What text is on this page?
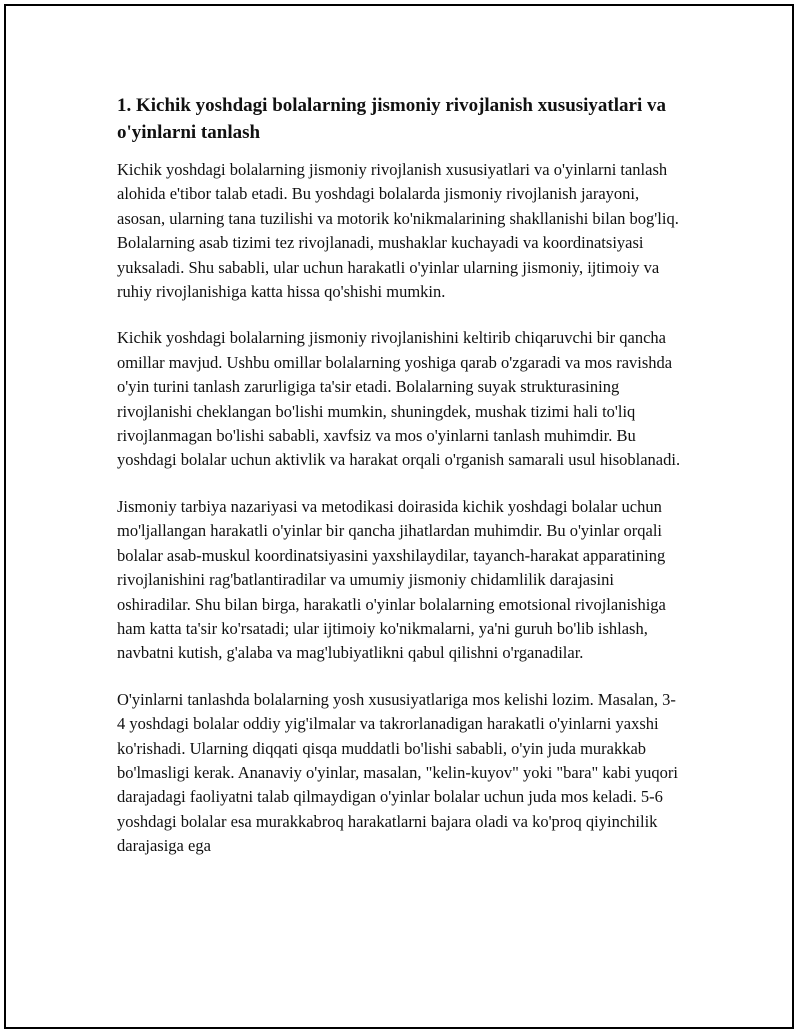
1. Kichik yoshdagi bolalarning jismoniy rivojlanish xususiyatlari va o'yinlarni tanlash

Kichik yoshdagi bolalarning jismoniy rivojlanish xususiyatlari va o'yinlarni tanlash alohida e'tibor talab etadi. Bu yoshdagi bolalarda jismoniy rivojlanish jarayoni, asosan, ularning tana tuzilishi va motorik ko'nikmalarining shakllanishi bilan bog'liq. Bolalarning asab tizimi tez rivojlanadi, mushaklar kuchayadi va koordinatsiyasi yuksaladi. Shu sababli, ular uchun harakatli o'yinlar ularning jismoniy, ijtimoiy va ruhiy rivojlanishiga katta hissa qo'shishi mumkin.

Kichik yoshdagi bolalarning jismoniy rivojlanishini keltirib chiqaruvchi bir qancha omillar mavjud. Ushbu omillar bolalarning yoshiga qarab o'zgaradi va mos ravishda o'yin turini tanlash zarurligiga ta'sir etadi. Bolalarning suyak strukturasining rivojlanishi cheklangan bo'lishi mumkin, shuningdek, mushak tizimi hali to'liq rivojlanmagan bo'lishi sababli, xavfsiz va mos o'yinlarni tanlash muhimdir. Bu yoshdagi bolalar uchun aktivlik va harakat orqali o'rganish samarali usul hisoblanadi.

Jismoniy tarbiya nazariyasi va metodikasi doirasida kichik yoshdagi bolalar uchun mo'ljallangan harakatli o'yinlar bir qancha jihatlardan muhimdir. Bu o'yinlar orqali bolalar asab-muskul koordinatsiyasini yaxshilaydilar, tayanch-harakat apparatining rivojlanishini rag'batlantiradilar va umumiy jismoniy chidamlilik darajasini oshiradilar. Shu bilan birga, harakatli o'yinlar bolalarning emotsional rivojlanishiga ham katta ta'sir ko'rsatadi; ular ijtimoiy ko'nikmalarni, ya'ni guruh bo'lib ishlash, navbatni kutish, g'alaba va mag'lubiyatlikni qabul qilishni o'rganadilar.

O'yinlarni tanlashda bolalarning yosh xususiyatlariga mos kelishi lozim. Masalan, 3-4 yoshdagi bolalar oddiy yig'ilmalar va takrorlanadigan harakatli o'yinlarni yaxshi ko'rishadi. Ularning diqqati qisqa muddatli bo'lishi sababli, o'yin juda murakkab bo'lmasligi kerak. Ananaviy o'yinlar, masalan, "kelin-kuyov" yoki "bara" kabi yuqori darajadagi faoliyatni talab qilmaydigan o'yinlar bolalar uchun juda mos keladi. 5-6 yoshdagi bolalar esa murakkabroq harakatlarni bajara oladi va ko'proq qiyinchilik darajasiga ega
